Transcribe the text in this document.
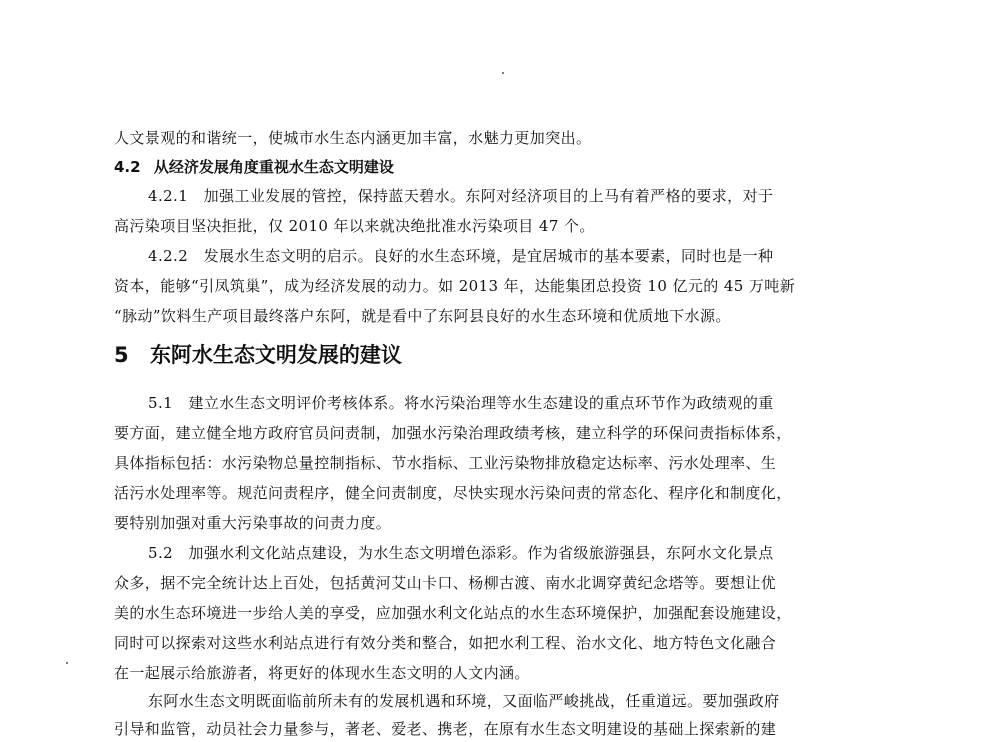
人文景观的和谐统一，使城市水生态内涵更加丰富，水魅力更加突出。
4.2 从经济发展角度重视水生态文明建设
4.2.1　加强工业发展的管控，保持蓝天碧水。东阿对经济项目的上马有着严格的要求，对于
高污染项目坚决拒批，仅 2010 年以来就决绝批准水污染项目 47 个。
4.2.2　发展水生态文明的启示。良好的水生态环境，是宜居城市的基本要素，同时也是一种
资本，能够“引凤筑巢”，成为经济发展的动力。如 2013 年，达能集团总投资 10 亿元的 45 万吨新
“脉动”饮料生产项目最终落户东阿，就是看中了东阿县良好的水生态环境和优质地下水源。
5 东阿水生态文明发展的建议
5.1　建立水生态文明评价考核体系。将水污染治理等水生态建设的重点环节作为政绩观的重
要方面，建立健全地方政府官员问责制，加强水污染治理政绩考核，建立科学的环保问责指标体系，
具体指标包括：水污染物总量控制指标、节水指标、工业污染物排放稳定达标率、污水处理率、生
活污水处理率等。规范问责程序，健全问责制度，尽快实现水污染问责的常态化、程序化和制度化，
要特别加强对重大污染事故的问责力度。
5.2　加强水利文化站点建设，为水生态文明增色添彩。作为省级旅游强县，东阿水文化景点
众多，据不完全统计达上百处，包括黄河艾山卡口、杨柳古渡、南水北调穿黄纪念塔等。要想让优
美的水生态环境进一步给人美的享受，应加强水利文化站点的水生态环境保护，加强配套设施建设，
同时可以探索对这些水利站点进行有效分类和整合，如把水利工程、治水文化、地方特色文化融合
在一起展示给旅游者，将更好的体现水生态文明的人文内涵。
东阿水生态文明既面临前所未有的发展机遇和环境，又面临严峻挑战，任重道远。要加强政府
引导和监管，动员社会力量参与，著老、爱老、携老，在原有水生态文明建设的基础上探索新的建
